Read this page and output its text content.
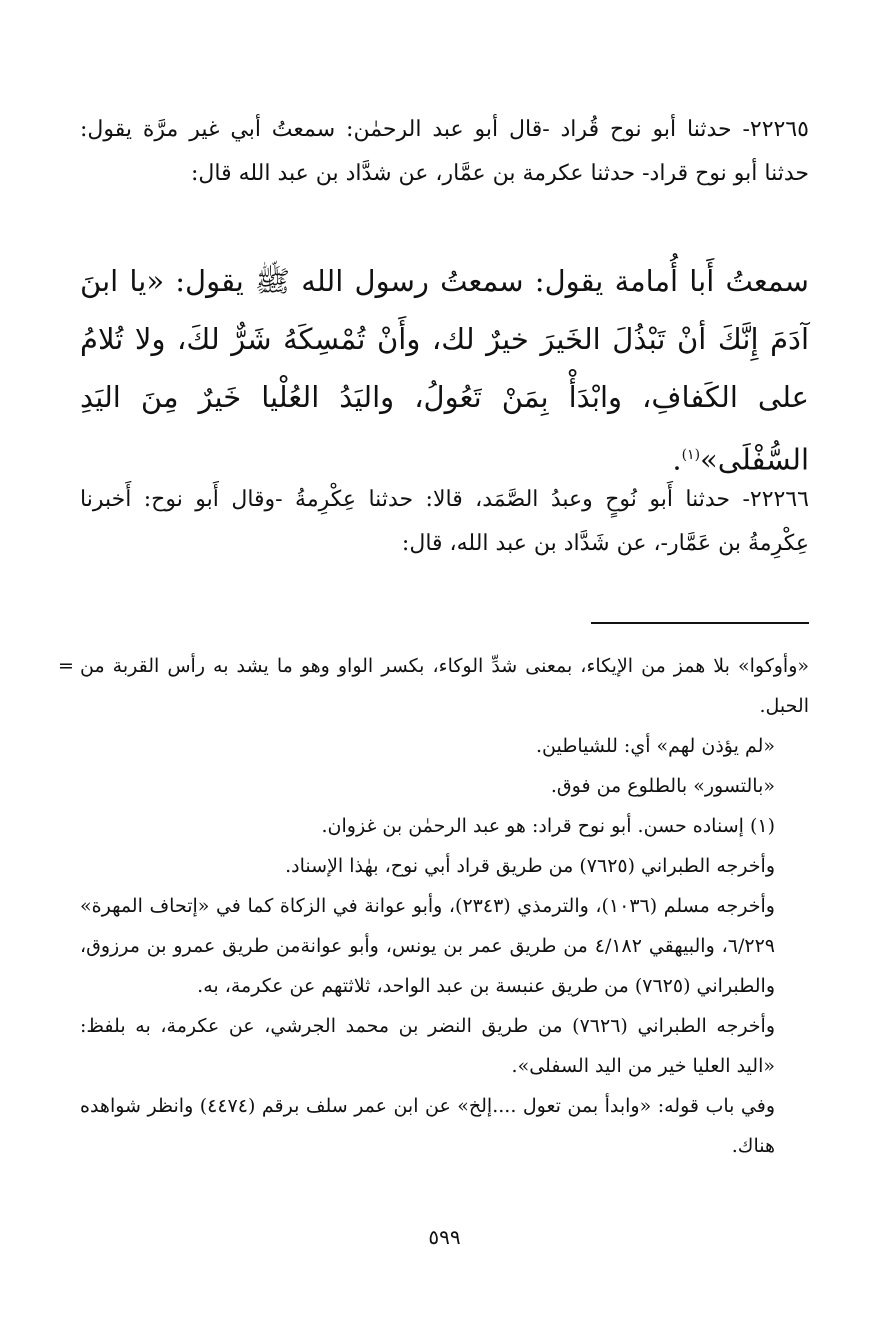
٢٢٢٦٥- حدثنا أبو نوح قُراد -قال أبو عبد الرحمٰن: سمعتُ أبي غير مرَّة يقول: حدثنا أبو نوح قراد- حدثنا عكرمة بن عمَّار، عن شدَّاد بن عبد الله قال:

سمعتُ أَبا أُمامة يقول: سمعتُ رسول الله ﷺ يقول: «يا ابنَ آدَمَ إِنَّكَ أنْ تَبْذُلَ الخَيرَ خيرٌ لك، وأَنْ تُمْسِكَهُ شَرٌّ لكَ، ولا تُلامُ على الكَفافِ، وابْدَأْ بِمَنْ تَعُولُ، واليَدُ العُلْيا خَيرٌ مِنَ اليَدِ السُّفْلَى»$^{(١)}$.

٢٢٢٦٦- حدثنا أَبو نُوحٍ وعبدُ الصَّمَد، قالا: حدثنا عِكْرِمةُ -وقال أَبو نوح: أَخبرنا عِكْرِمةُ بن عَمَّار-، عن شَدَّاد بن عبد الله، قال:

= «وأوكوا» بلا همز من الإيكاء، بمعنى شدِّ الوكاء، بكسر الواو وهو ما يشد به رأس القربة من الحبل.

«لم يؤذن لهم» أي: للشياطين.

«بالتسور» بالطلوع من فوق.

(١) إسناده حسن. أبو نوح قراد: هو عبد الرحمٰن بن غزوان.

وأخرجه الطبراني (٧٦٢٥) من طريق قراد أبي نوح، بهٰذا الإسناد.

وأخرجه مسلم (١٠٣٦)، والترمذي (٢٣٤٣)، وأبو عوانة في الزكاة كما في «إتحاف المهرة» ٦/٢٢٩، والبيهقي ٤/١٨٢ من طريق عمر بن يونس، وأبو عوانةمن طريق عمرو بن مرزوق، والطبراني (٧٦٢٥) من طريق عنبسة بن عبد الواحد، ثلاثتهم عن عكرمة، به.

وأخرجه الطبراني (٧٦٢٦) من طريق النضر بن محمد الجرشي، عن عكرمة، به بلفظ: «اليد العليا خير من اليد السفلى».

وفي باب قوله: «وابدأ بمن تعول ....إلخ» عن ابن عمر سلف برقم (٤٤٧٤) وانظر شواهده هناك.

٥٩٩
